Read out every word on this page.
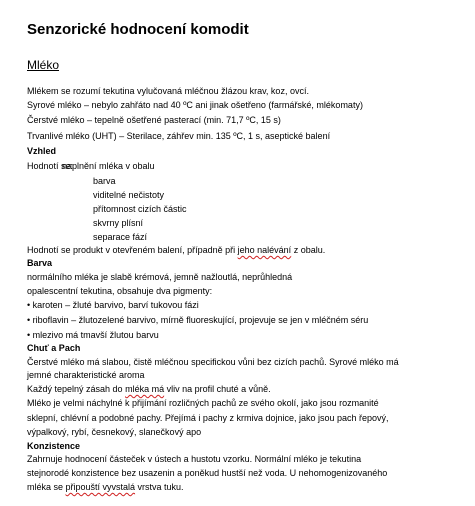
Senzorické hodnocení komodit
Mléko
Mlékem se rozumí tekutina vylučovaná mléčnou žlázou krav, koz, ovcí.
Syrové mléko – nebylo zahřáto nad 40 ºC ani jinak ošetřeno (farmářské, mlékomaty)
Čerstvé mléko – tepelně ošetřené pasterací (min. 71,7 ºC, 15 s)
Trvanlivé mléko (UHT) – Sterilace, záhřev min. 135 ºC, 1 s, aseptické balení
Vzhled
Hodnotí se:
naplnění mléka v obalu
barva
viditelné nečistoty
přítomnost cizích částic
skvrny plísní
separace fází
Hodnotí se produkt v otevřeném balení, případně při jeho nalévání z obalu.
Barva
normálního mléka je slabě krémová, jemně nažloutlá, neprůhledná
opalescentní tekutina, obsahuje dva pigmenty:
• karoten – žluté barvivo, barví tukovou fázi
• riboflavin – žlutozelené barvivo, mírně fluoreskující, projevuje se jen v mléčném séru
• mlezivo má tmavší žlutou barvu
Chuť a Pach
Čerstvé mléko má slabou, čistě mléčnou specifickou vůni bez cizích pachů. Syrové mléko má
jemné charakteristické aroma
Každý tepelný zásah do mléka má vliv na profil chuté a vůně.
Mléko je velmi náchylné k přijímání rozličných pachů ze svého okolí, jako jsou rozmanité
sklepní, chlévní a podobné pachy. Přejímá i pachy z krmiva dojnice, jako jsou pach řepový,
výpalkový, rybí, česnekový, slanečkový apo
Konzistence
Zahrnuje hodnocení částeček v ústech a hustotu vzorku. Normální mléko je tekutina
stejnorodé konzistence bez usazenin a poněkud hustší než voda. U nehomogenizovaného
mléka se připouští vyvstalá vrstva tuku.
